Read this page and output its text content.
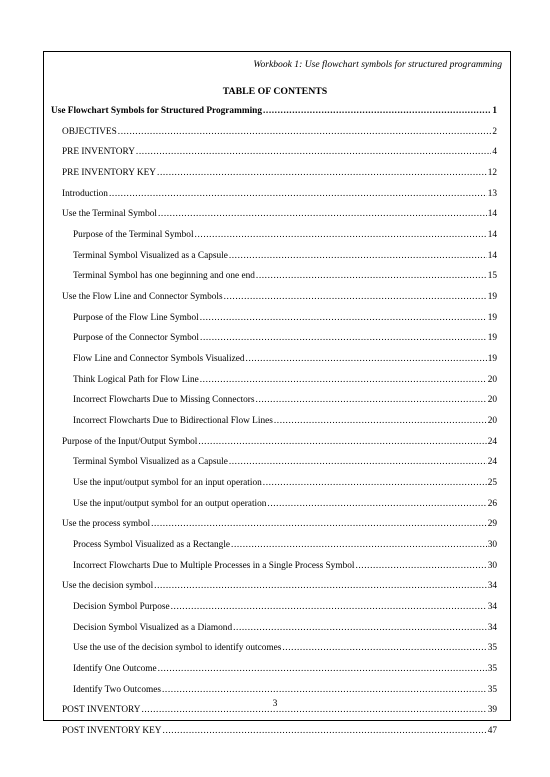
Workbook 1: Use flowchart symbols for structured programming
TABLE OF CONTENTS
Use Flowchart Symbols for Structured Programming .....	1
OBJECTIVES .....	2
PRE INVENTORY .....	4
PRE INVENTORY KEY .....	12
Introduction .....	13
Use the Terminal Symbol .....	14
Purpose of the Terminal Symbol .....	14
Terminal Symbol Visualized as a Capsule .....	14
Terminal Symbol has one beginning and one end .....	15
Use the Flow Line and Connector Symbols .....	19
Purpose of the Flow Line Symbol .....	19
Purpose of the Connector Symbol .....	19
Flow Line and Connector Symbols Visualized .....	19
Think Logical Path for Flow Line .....	20
Incorrect Flowcharts Due to Missing Connectors .....	20
Incorrect Flowcharts Due to Bidirectional Flow Lines .....	20
Purpose of the Input/Output Symbol .....	24
Terminal Symbol Visualized as a Capsule .....	24
Use the input/output symbol for an input operation .....	25
Use the input/output symbol for an output operation .....	26
Use the process symbol .....	29
Process Symbol Visualized as a Rectangle .....	30
Incorrect Flowcharts Due to Multiple Processes in a Single Process Symbol .....	30
Use the decision symbol .....	34
Decision Symbol Purpose .....	34
Decision Symbol Visualized as a Diamond .....	34
Use the use of the decision symbol to identify outcomes .....	35
Identify One Outcome .....	35
Identify Two Outcomes .....	35
POST INVENTORY .....	39
POST INVENTORY KEY .....	47
3
